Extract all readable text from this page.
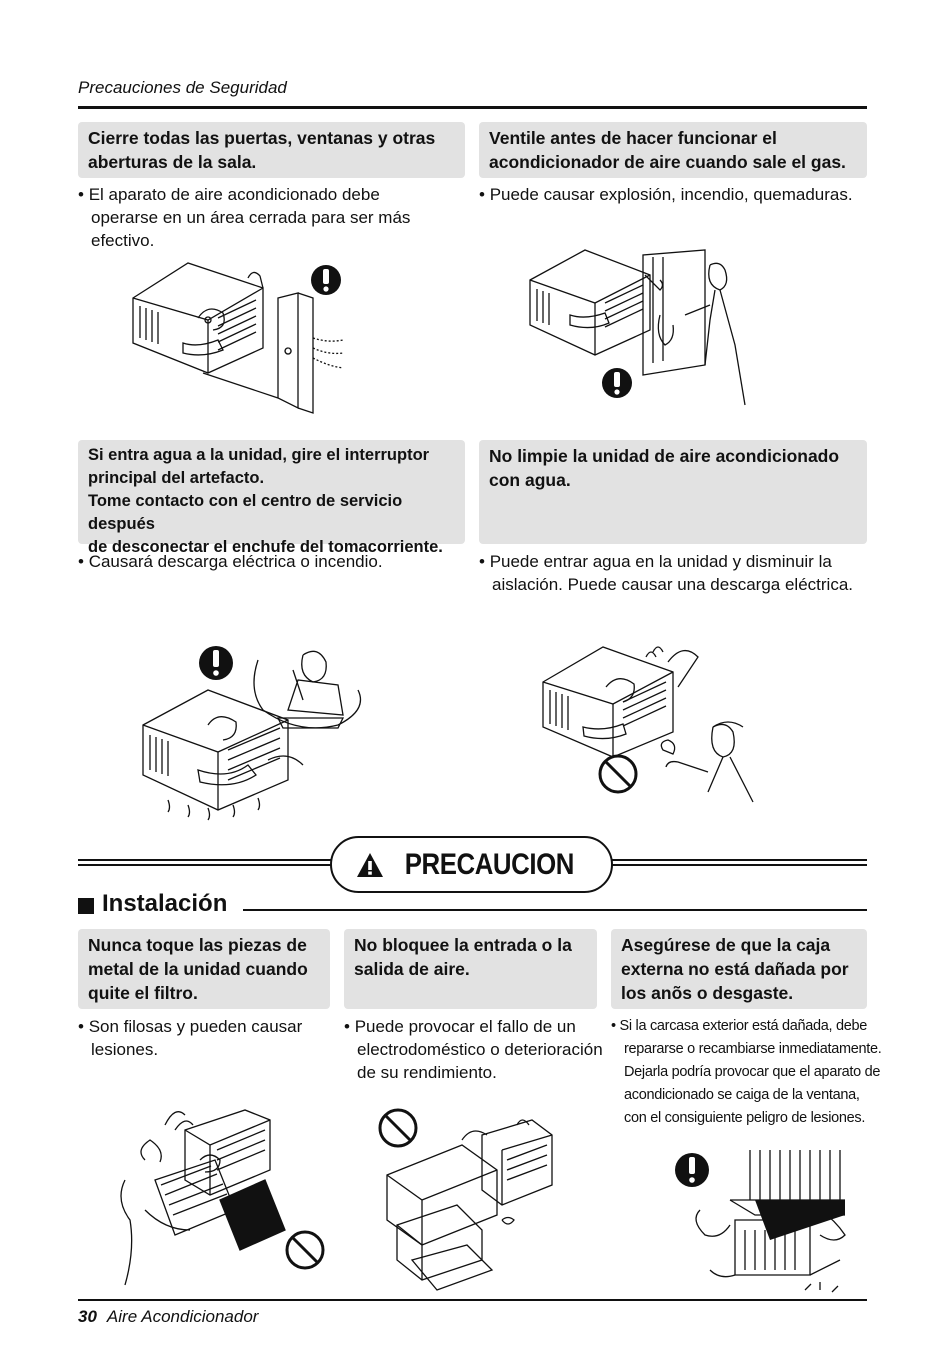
Precauciones de Seguridad
Cierre todas las puertas, ventanas y otras aberturas de la sala.
• El aparato de aire acondicionado debe operarse en un área cerrada para ser más efectivo.
Ventile antes de hacer funcionar el acondicionador de aire cuando sale el gas.
• Puede causar explosión, incendio, quemaduras.
Si entra agua a la unidad, gire el interruptor
principal del artefacto.
Tome contacto con el centro de servicio después
de desconectar el enchufe del tomacorriente.
• Causará descarga eléctrica o incendio.
No limpie la unidad de aire acondicionado con agua.
• Puede entrar agua en la unidad y disminuir la aislación. Puede causar una descarga eléctrica.
PRECAUCION
Instalación
Nunca toque las piezas de metal de la unidad cuando quite el filtro.
• Son filosas y pueden causar lesiones.
No bloquee la entrada o la salida de aire.
• Puede provocar el fallo de un electrodoméstico o deterioración de su rendimiento.
Asegúrese de que la caja externa no está dañada por los anõs o desgaste.
• Si la carcasa exterior está dañada, debe repararse o recambiarse inmediatamente. Dejarla podría provocar que el aparato de acondicionado se caiga de la ventana, con el consiguiente peligro de lesiones.
30 Aire Acondicionador
